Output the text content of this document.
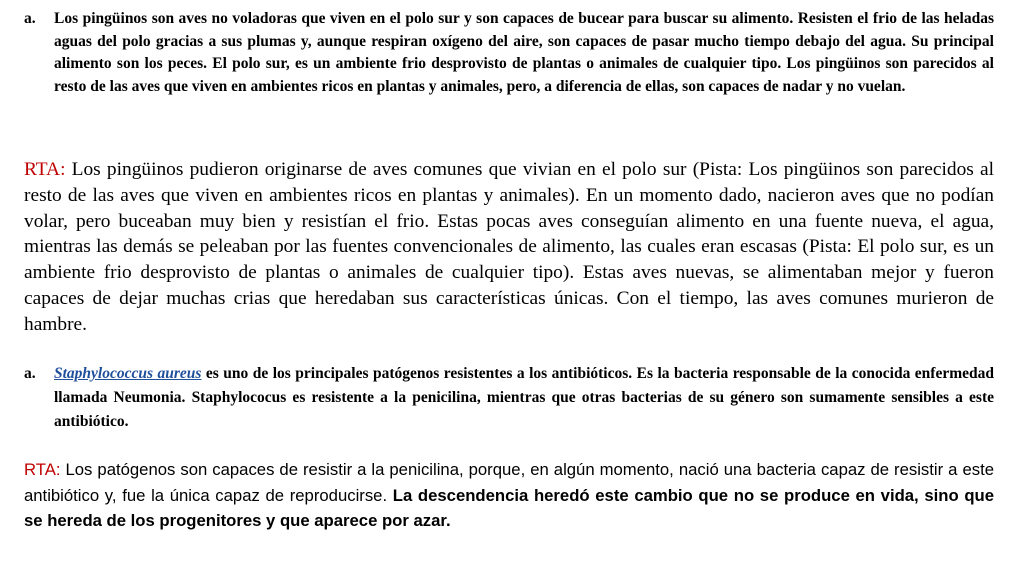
a. Los pingüinos son aves no voladoras que viven en el polo sur y son capaces de bucear para buscar su alimento. Resisten el frio de las heladas aguas del polo gracias a sus plumas y, aunque respiran oxígeno del aire, son capaces de pasar mucho tiempo debajo del agua. Su principal alimento son los peces. El polo sur, es un ambiente frio desprovisto de plantas o animales de cualquier tipo. Los pingüinos son parecidos al resto de las aves que viven en ambientes ricos en plantas y animales, pero, a diferencia de ellas, son capaces de nadar y no vuelan.
RTA: Los pingüinos pudieron originarse de aves comunes que vivian en el polo sur (Pista: Los pingüinos son parecidos al resto de las aves que viven en ambientes ricos en plantas y animales). En un momento dado, nacieron aves que no podían volar, pero buceaban muy bien y resistían el frio. Estas pocas aves conseguían alimento en una fuente nueva, el agua, mientras las demás se peleaban por las fuentes convencionales de alimento, las cuales eran escasas (Pista: El polo sur, es un ambiente frio desprovisto de plantas o animales de cualquier tipo). Estas aves nuevas, se alimentaban mejor y fueron capaces de dejar muchas crias que heredaban sus características únicas. Con el tiempo, las aves comunes murieron de hambre.
a. Staphylococcus aureus es uno de los principales patógenos resistentes a los antibióticos. Es la bacteria responsable de la conocida enfermedad llamada Neumonia. Staphylococus es resistente a la penicilina, mientras que otras bacterias de su género son sumamente sensibles a este antibiótico.
RTA: Los patógenos son capaces de resistir a la penicilina, porque, en algún momento, nació una bacteria capaz de resistir a este antibiótico y, fue la única capaz de reproducirse. La descendencia heredó este cambio que no se produce en vida, sino que se hereda de los progenitores y que aparece por azar.
